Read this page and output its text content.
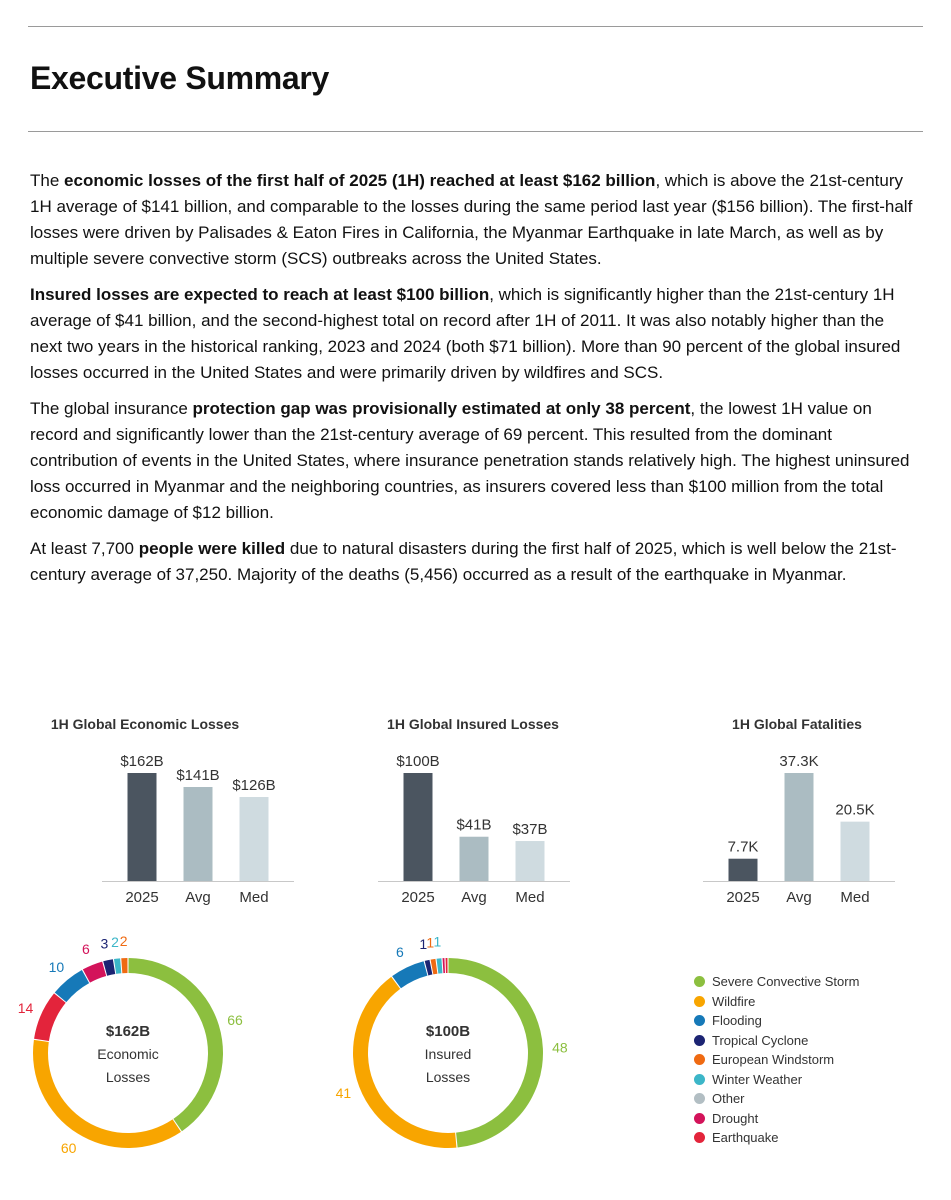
Executive Summary

The economic losses of the first half of 2025 (1H) reached at least $162 billion, which is above the 21st-century 1H average of $141 billion, and comparable to the losses during the same period last year ($156 billion). The first-half losses were driven by Palisades & Eaton Fires in California, the Myanmar Earthquake in late March, as well as by multiple severe convective storm (SCS) outbreaks across the United States.

Insured losses are expected to reach at least $100 billion, which is significantly higher than the 21st-century 1H average of $41 billion, and the second-highest total on record after 1H of 2011. It was also notably higher than the next two years in the historical ranking, 2023 and 2024 (both $71 billion). More than 90 percent of the global insured losses occurred in the United States and were primarily driven by wildfires and SCS.

The global insurance protection gap was provisionally estimated at only 38 percent, the lowest 1H value on record and significantly lower than the 21st-century average of 69 percent. This resulted from the dominant contribution of events in the United States, where insurance penetration stands relatively high. The highest uninsured loss occurred in Myanmar and the neighboring countries, as insurers covered less than $100 million from the total economic damage of $12 billion.

At least 7,700 people were killed due to natural disasters during the first half of 2025, which is well below the 21st-century average of 37,250. Majority of the deaths (5,456) occurred as a result of the earthquake in Myanmar.

1H Global Economic Losses	1H Global Insured Losses	1H Global Fatalities
$162B
2025
$141B
Avg
$126B
Med
$100B
2025
$41B
Avg
$37B
Med
7.7K
2025
37.3K
Avg
20.5K
Med
66
60
14
10
6 3 2 2
$162B
Economic
Losses
48
41
6
1 1 1
$100B
Insured
Losses
Severe Convective Storm
Wildfire
Flooding
Tropical Cyclone
European Windstorm
Winter Weather
Other
Drought
Earthquake
